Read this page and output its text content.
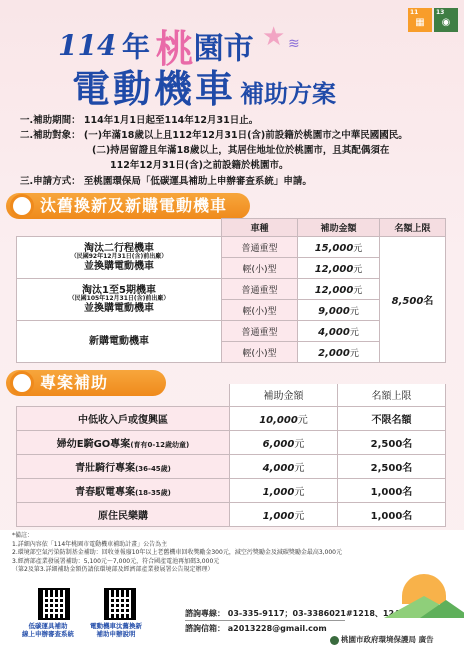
11
▦
13
◉
114 年 桃園市 ★ ≋
電動機車 補助方案
一.補助期間： 114年1月1日起至114年12月31日止。
二.補助對象： (一)年滿18歲以上且112年12月31日(含)前設籍於桃園市之中華民國國民。
(二)持居留證且年滿18歲以上，其居住地址位於桃園市，且其配偶須在
112年12月31日(含)之前設籍於桃園市。
三.申請方式： 至桃園環保局「低碳運具補助上申辦審查系統」申請。
汰舊換新及新購電動機車
	車種	補助金額	名額上限
淘汰二行程機車
（民國92年12月31日(含)前出廠）
並換購電動機車	普通重型	15,000元	8,500名
	輕(小)型	12,000元	
淘汰1至5期機車
（民國105年12月31日(含)前出廠）
並換購電動機車	普通重型	12,000元	
	輕(小)型	9,000元	
新購電動機車	普通重型	4,000元	
	輕(小)型	2,000元	
專案補助
	補助金額	名額上限
中低收入戶或復興區	10,000元	不限名額
婦幼E騎GO專案(育有0-12歲幼童)	6,000元	2,500名
青壯騎行專案(36-45歲)	4,000元	2,500名
青春馭電專案(18-35歲)	1,000元	1,000名
原住民樂購	1,000元	1,000名
*備註：
1.詳細內容依「114年桃園市電動機車補助計畫」公告為主
2.環境部空氣污染防制基金補助：回收並報廢10年以上老舊機車回收獎勵金300元，減空污獎勵金及減碳獎勵金最高3,000元
3.經濟部產業發展署補助：5,100元～7,000元，符合國產電池再加碼3,000元
（第2及第3.詳細補助金額仍請依環境部及經濟部產業發展署公告規定辦理）
低碳運具補助
線上申辦審查系統
電動機車汰舊換新
補助申辦說明
諮詢專線： 03-335-9117；03-3386021#1218、1241
諮詢信箱： a2013228@gmail.com
桃園市政府環境保護局 廣告
